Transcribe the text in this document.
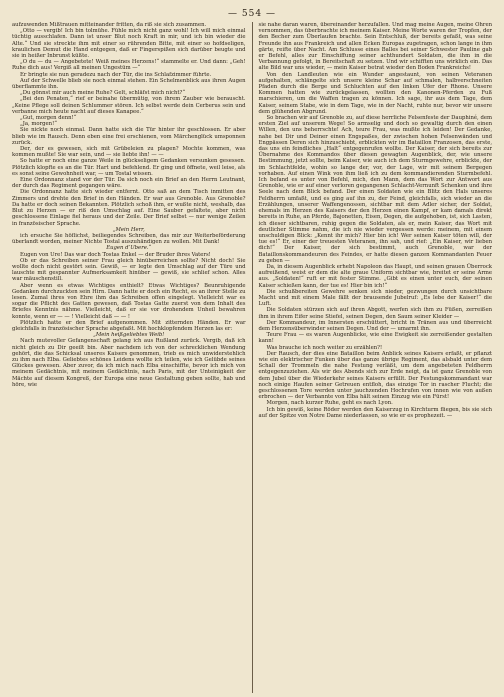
— 554 —

aufzuwenden Mißtrauen mitteinander fritten, da riß sie sich zusammen.

„Otto — vergib! Ich bin tolmühe. Fühle mich nicht ganz wohl! Ich will mich einmal tüchtig ausschlafen. Dann ist unser Blut noch Kraft in mir, und ich bin wieder die Alte.“ Und sie streckte ihm mit einer so rührenden Bitte, mit einer so hofdseligen, kraulichen Demut die Hand entgegen, daß er Fingerspißen sich darüber beugte und sie in heißer Inbrunst küßte.

„O du — du — Angebetete! Weiß meines Herzens!“ stammelte er. Und dann: „Geh! Ruhe dich aus! Vergiß all meinen Ungestüm —“

Er bringte sie nun geradezu nach der Tür, die ins Schlafzimmer führte.

Auf der Schwelle blieb sie noch einmal stehen. Ein Schelmenblick aus ihren Augen überflammte ihn.

„Du gönnst mir auch meine Ruhe? Gelt, schläfst mich nicht?“

„Bei den Penaten,“ rief er beinahe übermütig, von ihrem Zauber wie berauscht. „Keine Pflege soll deinen Schlummer stören. Ich selbst werde dein Cerberus sein und verbanne mich heute nacht auf dieses Kanapee.“

„Gut, morgen denn!“

„Ja, morgen!“

Sie nickte noch einmal. Dann hatte sich die Tür hinter ihr geschlossen. Er aber blieb wie im Rausch. Denn eben eine frei erschienen, vom Märchenglück umsponnen zurück.

Der, der es gewesen, sich mit Grübeleien zu plagen? Mochte kommen, was kommen mußte! Sie war sein, und — sie liebte ihn! — —

So hatte er noch eine ganze Weile in glückseligem Gedanken versunken gesessen. Plötzlich klopfte es an die Tür. Hart und befehlend. Er ging und öffnete, weil leise, als es sonst seine Gewohnheit war, — um Tostal wissen.

Eine Ordonnanz stand vor der Tür. Da sich noch ein Brief an den Herrn Leutnant, der durch das Regiment gegangen wäre.

Die Ordonnanz hatte sich wieder entfernt. Otto saß an dem Tisch inmitten des Zimmers und drehte den Brief in den Händen. Er war aus Grenoble. Aus Grenoble? Da hatte er doch seinen Bekannten. Plötzlich schoß ihm, er wußte nicht, weshalb, das Blut zu Herzen — er riß den Umschlag auf. Eine Sauber gefaltete, aber nicht geschlossene Einlage fiel heraus und der Zeile. Der Brief selbst — nur wenige Zeilen in französischer Sprache.

„Mein Herr,

ich ersuche Sie höflichst, beiliegendes Schreiben, das mir zur Weiterbeförderung überlandt worden, meiner Nichte Tostal auszuhändigen zu wollen. Mit Dank!

Eugen d’Ubere.“

Eugen von Ure! Das war doch Tostas Enkel — der Bruder ihres Vaters!

Ob er das Schreiben seiner Frau gleich hinüberreichen sollte? Nicht doch! Sie wollte doch nicht gestört sein. Gewiß, — er legte den Umschlag auf der Türe und lauschte mit gespannter Aufmerksamkeit hinüber — gewiß, sie schlief schon. Alles war mäuschenstill.

Aber wenn es etwas Wichtiges enthielt? Etwas Wichtiges? Beunruhigende Gedanken durchzuckten sein Hirn. Dann hatte er doch ein Recht, es an ihrer Stelle zu lesen. Zumal ihres von Ehre ihm das Schreiben offen eingelegt. Vielleicht war es sogar die Pflicht des Gatten gewesen, daß Tostas Gatte zuerst von dem Inhalt des Briefes Kenntnis nähme. Vielleicht, daß er sie vor drohendem Unheil bewahren konnte, wenn er — — ! Vielleicht daß — — !

Plötzlich hatte er den Brief aufgenommen. Mit zitternden Händen. Er war gleichfalls in französischer Sprache abgefaßt. Mit hochklopfendem Herzen las er:

„Mein heißgeliebtes Weib!

Nach mutevoller Gefangenschaft gelang ich aus Rußland zurück. Vergib, daß ich nicht gleich zu Dir geeilt bin. Aber nachdem ich von der schrecklichen Wendung gehört, die das Schicksal unseres Kaisers genommen, trieb es mich unwiderstehlich zu ihm nach Elba. Geliebtes schönes Leidens wollte ich teilen, wie ich Gelübde seines Glückes gewesen. Aber zuvor, da ich mich nach Elba einschiffte, bevor ich mich von meinem Gedächtnis, mit meinem Gedächtnis, nach Paris, mit der Unteinigkeit der Mächte auf diesem Kongreß, der Europa eine neue Gestaltung geben sollte, hab und höre, wie

sie nahe daran waren, übereinander herzufallen. Und mag meine Augen, meine Ohren vernommen, das überbrachte ich meinem Kaiser. Meine Worte waren der Tropfen, der den Becher zum Überlaufen brachte. Sein Entschluß, der bereits gefaßt, was seine Freunde ihn aus Frankreich und allen Ecken Europas zugetragen, schon lange in ihm gärte, reifte über Nacht. Am Schlusse eines Balles bei seiner Schwester Pauline gab er Befehl, alles zur Einschiffung seiner achthundert Soldaten, die ihm in die Verbannung gefolgt, in Bereitschaft zu setzen. Und wir schifften uns wirklich ein. Das alte Bild war uns wieder, — mein Kaiser betrat wieder den Boden Frankreichs!

Von den Landleuten wie ein Wunder angestaunt, von seinen Veteranen aufgehalten, schlängelte sich unsere kleine Schar auf schmalen, halbverschneiten Pfaden durch die Berge und Schluchten auf den linken Ufer der Rhone. Unsere Kommen hatten wie zurückgelassen, wollten den Kanonen-Pferden zu Fuß marschieren, um die Waffen tragen zu können. Ich sage, ihr aus dem Tage, dem Kaiser, seinem Stabe, wie in dem Tage, wie in der Nacht, ruhte nur, bevor wir unsere dem glühenden Abgrund.

So brachen wir auf Grenoble zu, auf diese herrliche Felsenfeste der Dauphiné, dem ersten Ziel auf unserem Wege! So armselig und doch so gewaltig durch den einen Willen, den uns beherrschte! Ach, teure Frau, was mußte ich leiden! Der Gedanke, nahe bei Dir und Deiner einen Engspaßes, der zwischen hohen Felsenwänden und Engpässen Deren sich hinzuschiebt, erblickten wir im Bataillon Franzosen, das erste, das uns ein feindliches „Halt“ entgegenrufen wollte. Der Kaiser, der sich bereits zur Übernahme des Kommandos über diesen gewagten Augenblick, der, wie unsere Bestimmung, jetzt sollte, beim Kaiser, wie auch ich dem Sturmgewehre, erblickte, der im Schlachtfelde, wohin so lange der, vor, der Lage, wir mit seinem Bergegen vorhaben. Auf einen Wink von ihm ließ ich zu dem kommandierenden Sturmbefehl. Ich befand es unter von Befehl, mich, den Mann, dem das Wort zur Antwort aus Grenoble, wie er auf einer verloren gegangenen Schlacht-Vernunft Schenken und ihre Seele nach dem Blick befand. Der einen Soldaten wie ein Blitz den Hals unseres Feldherrn umfaßt, und es ging auf ihn zu, der Feind, gleichfalls, sich wieder an die Erzählungen, unserer Waffengenossen, sichtbar mit dem Adler sicher, der Soldat, ehemals im Herzen des Kaisers der den Herzen einen Kampf, er kam damals direkt bereits in Ruhe, an Pferde, Bajonetten, Eisen, Degen, die aufgehoben, ist, sich Lasten, ich dieser sichtbaren, ruhig gegen die Soldaten, als er, mein Kaiser, das Wort mit deutlicher Stimme nahm, die ich nie wieder vergessen werde: meinem, mit einem unschuldigen Blick: „Kennt ihr mich? Hier bin ich! Wer seinen Kaiser töten will, der tue es!“ Er, einer der treuesten Veteranen, ihn sah, und rief: „Ein Kaiser, wir lieben dich!“ Der Kaiser, der sich bestimmt, auch Grenoble, war der Bataillonskommandeuren des Feindes, er hatte diesen ganzen Kommandanten Feuer zu geben —

Da, in diesem Augenblick erhebt Napoleon das Haupt, und seinen grauen Überrock aufreißend, weist er dem die alte graue Uniform sichtbar wie, breitet er seine Arme aus. „Soldaten!“ ruft er mit fester Stimme. „Gibt es einen unter euch, der seinen Kaiser schießen kann, der tue es! Hier bin ich!“

Die schußbereiten Gewehre senken sich nieder, gezwungen durch unsichtbare Macht und mit einem Male fällt der brausende Jubelruf: „Es lebe der Kaiser!“ die Luft.

Die Soldaten stürzen sich auf ihren Abgott, werfen sich ihm zu Füßen, zerreißen ihm in ihrem Eifer seine Stiefel, seinen Degen, den Saum seiner Kleider —

Der Kommandeur, im Innersten erschüttert, bricht in Tränen aus und überreicht dem Herzensüberwinder seinen Degen. Und der — umarmt ihn.

Teure Frau — es waren Augenblicke, wie eine Ewigkeit sie zerreißender gestalten kann!

Was brauche ich noch weiter zu erzählen?!

Der Rausch, der dies eine Bataillon beim Anblick seines Kaisers erfaßt, er pflanzt wie ein elektrischer Funken über das ganze übrige Regiment, das alsbald unter dem Schall der Trommeln die nahe Festung verläßt, um dem angebeteten Feldherrn entgegenzuziehen. Als wir des Abends sich zur Erde neigt, da ist ganz Grenoble von dem Jubel über die Wiederkehr seines Kaisers erfüllt. Der Festungskommandant war noch einige Haufen seiner Getreuen entfloh, das einzige Tor in rascher Flucht; die geschlossenen Tore werden unter jauchzenden Hochrufen von innen wie von außen erbrochen — der Verbannte von Elba hält seinen Einzug wie ein Fürst!

Morgen, nach kurzer Ruhe, geht es nach Lyon.

Ich bin gewiß, keine Röder werden den Kaiserzug in Kirchturm fliegen, bis sie sich auf der Spitze von Notre Dame niederlassen, so wie er es prophezeit. —
